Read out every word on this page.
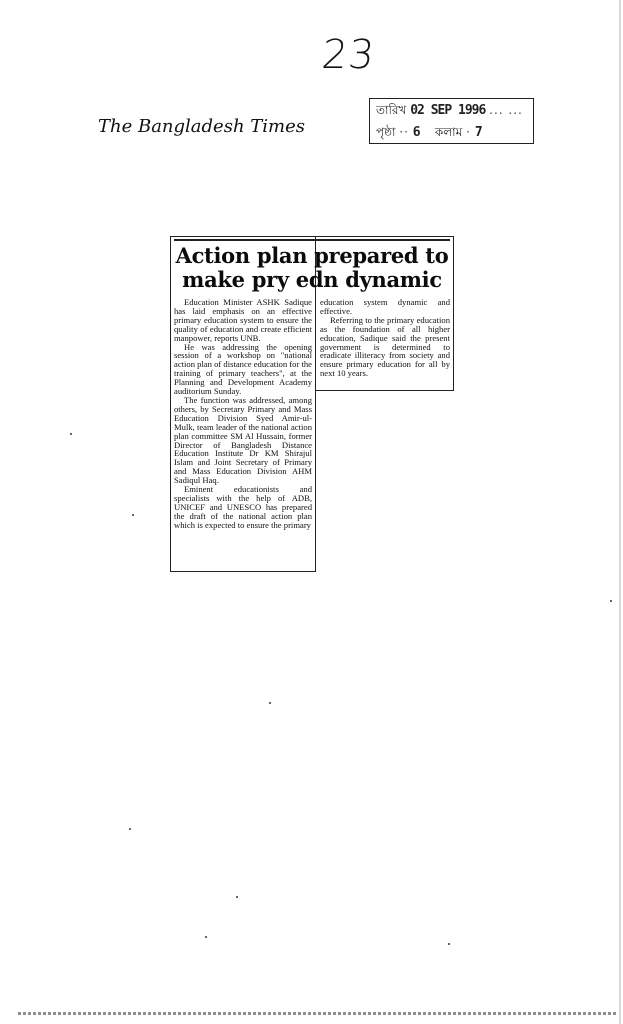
23
The Bangladesh Times
তারিখ 02 SEP 1996 ... ...
পৃষ্ঠা ·· 6 কলাম · 7
Action plan prepared to make pry edn dynamic

Education Minister ASHK Sadique has laid emphasis on an effective primary education system to ensure the quality of education and create efficient manpower, reports UNB.

He was addressing the opening session of a workshop on "national action plan of distance education for the training of primary teachers", at the Planning and Development Academy auditorium Sunday.

The function was addressed, among others, by Secretary Primary and Mass Education Division Syed Amir-ul-Mulk, team leader of the national action plan committee SM Al Hussain, former Director of Bangladesh Distance Education Institute Dr KM Shirajul Islam and Joint Secretary of Primary and Mass Education Division AHM Sadiqul Haq.

Eminent educationists and specialists with the help of ADB, UNICEF and UNESCO has prepared the draft of the national action plan which is expected to ensure the primary

education system dynamic and effective.

Referring to the primary education as the foundation of all higher education, Sadique said the present government is determined to eradicate illiteracy from society and ensure primary education for all by next 10 years.
